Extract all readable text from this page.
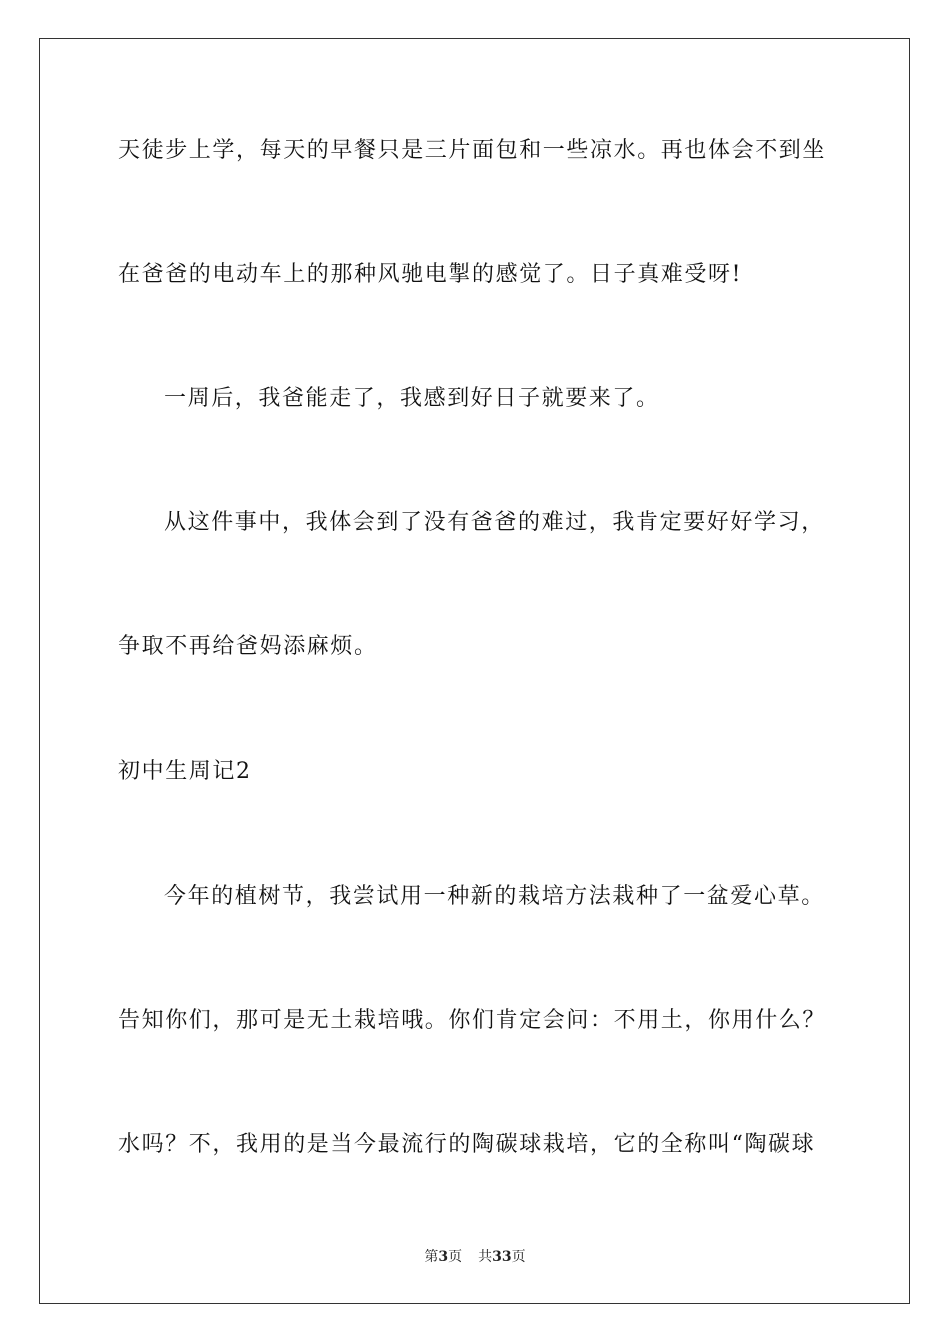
天徒步上学，每天的早餐只是三片面包和一些凉水。再也体会不到坐
在爸爸的电动车上的那种风驰电掣的感觉了。日子真难受呀!
一周后，我爸能走了，我感到好日子就要来了。
从这件事中，我体会到了没有爸爸的难过，我肯定要好好学习，
争取不再给爸妈添麻烦。
初中生周记2
今年的植树节，我尝试用一种新的栽培方法栽种了一盆爱心草。
告知你们，那可是无土栽培哦。你们肯定会问：不用土，你用什么？
水吗？不，我用的是当今最流行的陶碳球栽培，它的全称叫“陶碳球
第3页 共33页
